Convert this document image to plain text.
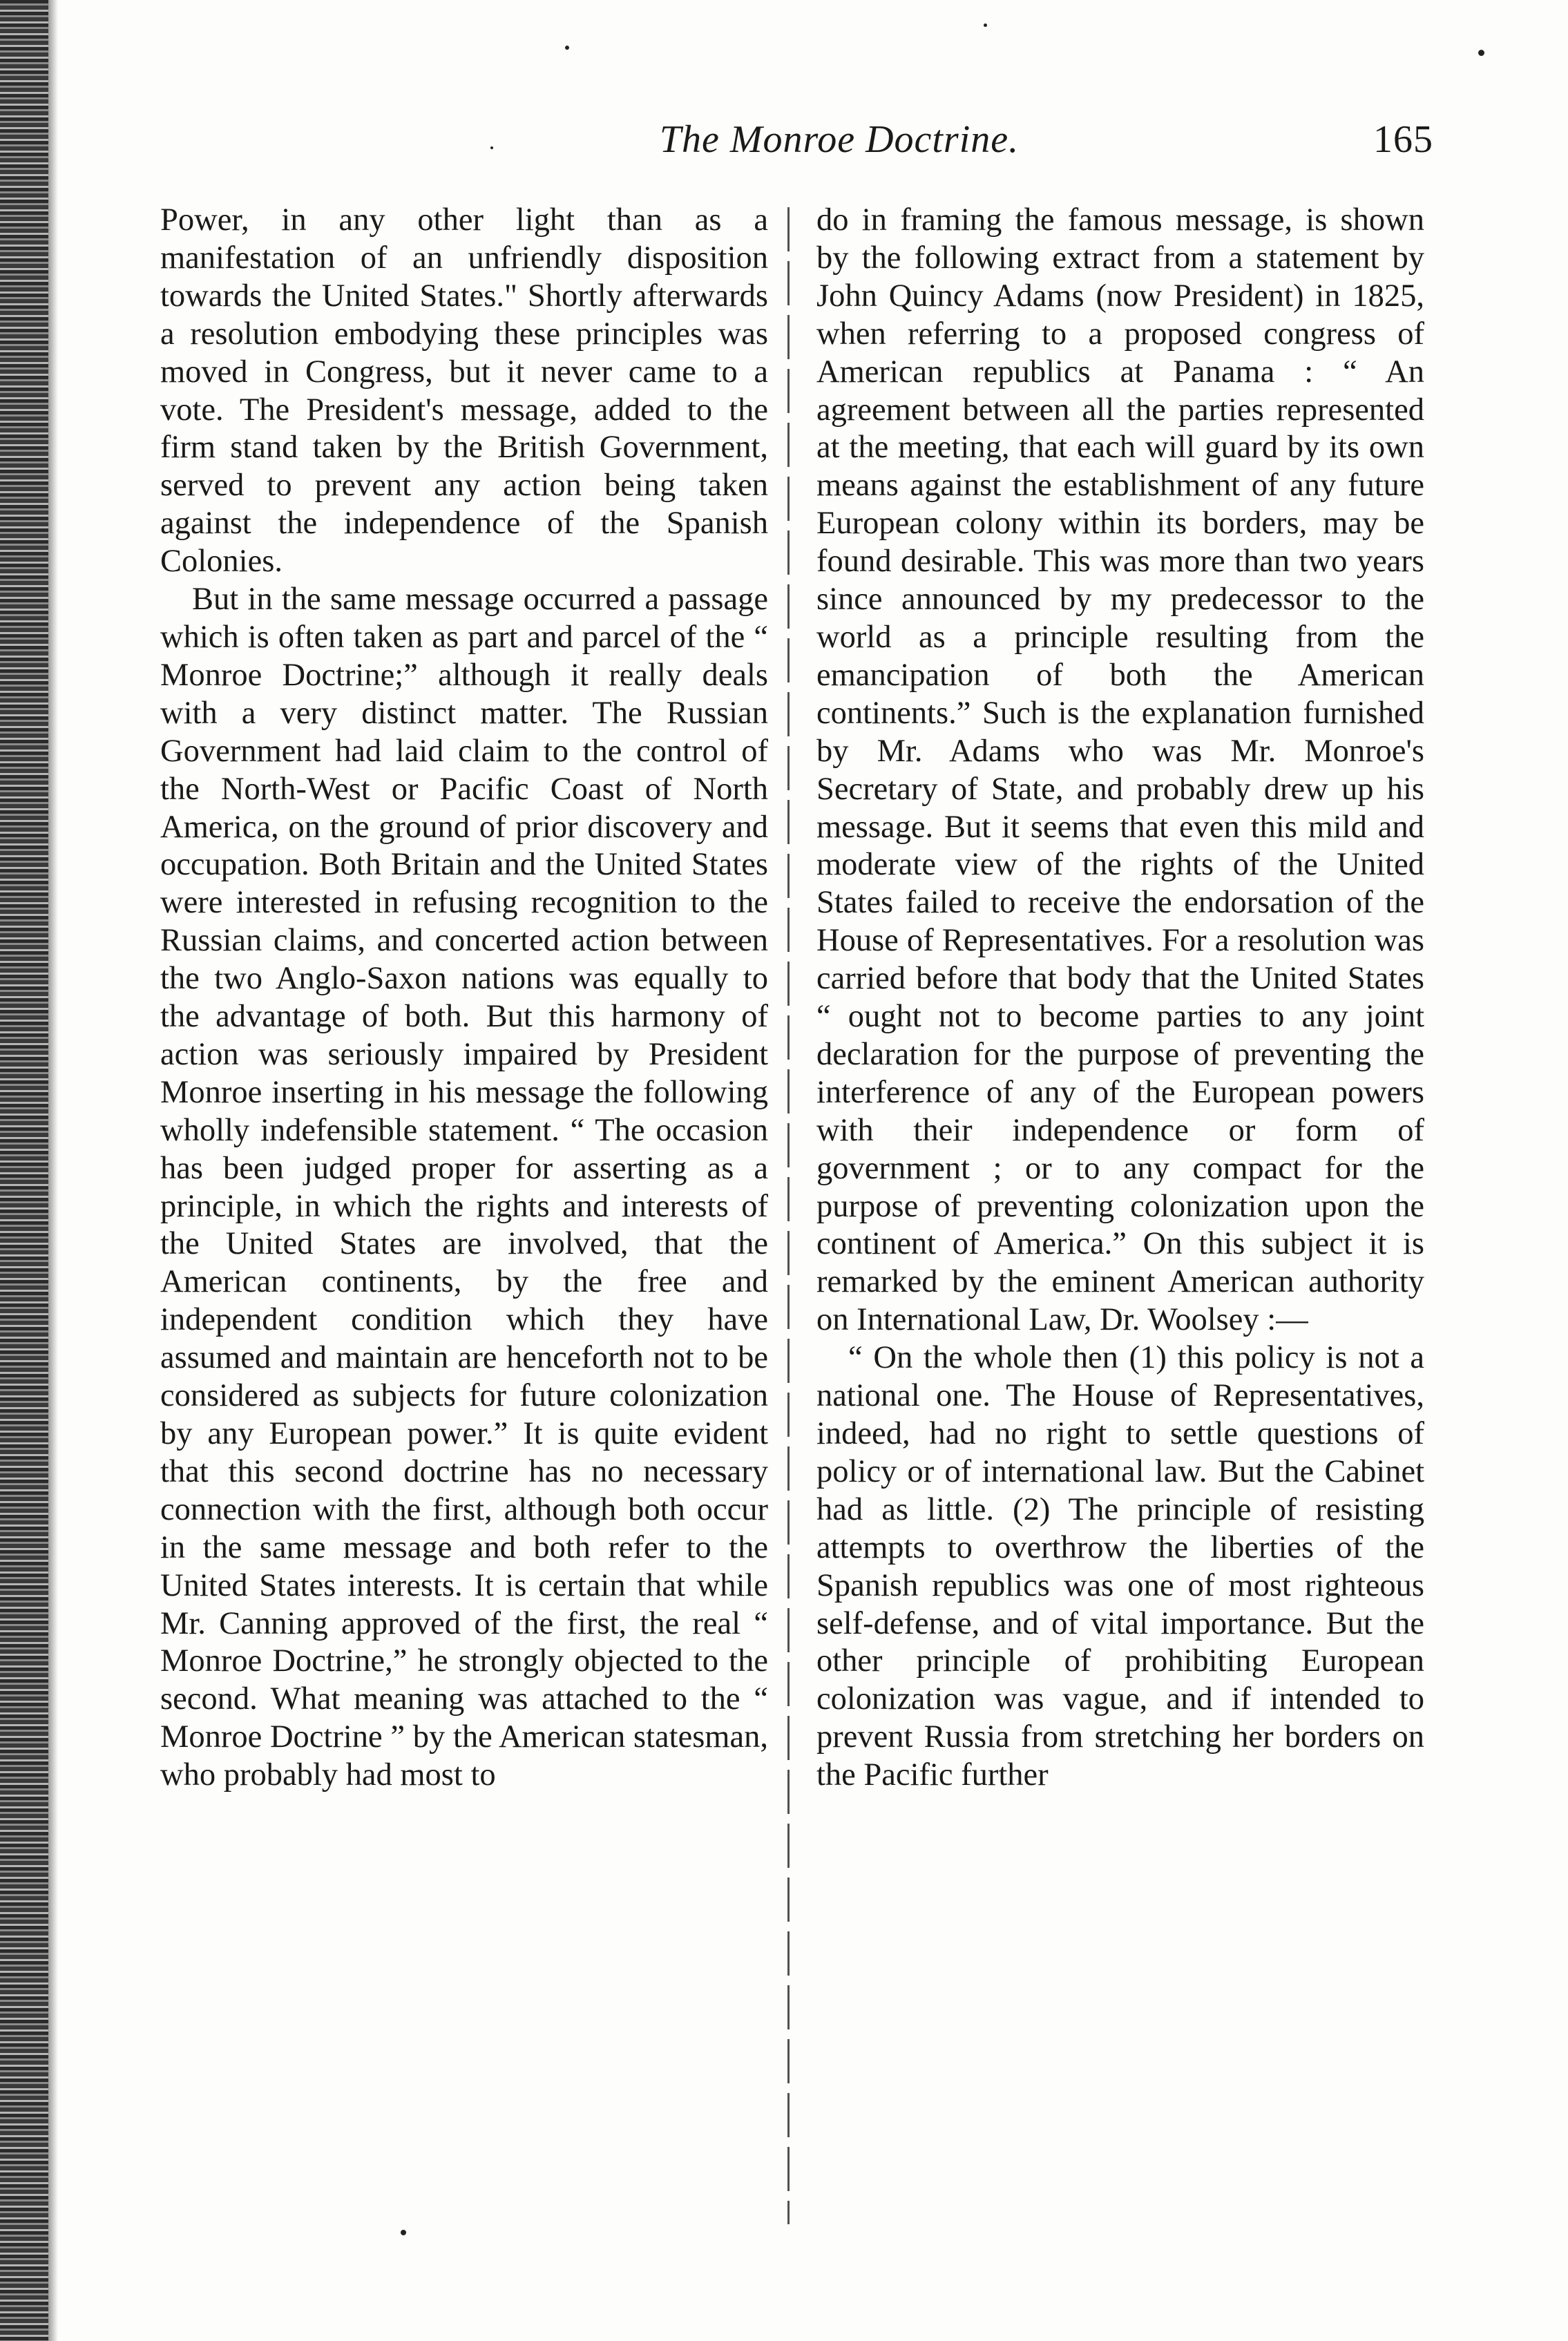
The Monroe Doctrine.	165

Power, in any other light than as a manifestation of an unfriendly disposition towards the United States." Shortly afterwards a resolution embodying these principles was moved in Congress, but it never came to a vote. The President's message, added to the firm stand taken by the British Government, served to prevent any action being taken against the independence of the Spanish Colonies.

But in the same message occurred a passage which is often taken as part and parcel of the “ Monroe Doctrine;” although it really deals with a very distinct matter. The Russian Government had laid claim to the control of the North-West or Pacific Coast of North America, on the ground of prior discovery and occupation. Both Britain and the United States were interested in refusing recognition to the Russian claims, and concerted action between the two Anglo-Saxon nations was equally to the advantage of both. But this harmony of action was seriously impaired by President Monroe inserting in his message the following wholly indefensible statement. “ The occasion has been judged proper for asserting as a principle, in which the rights and interests of the United States are involved, that the American continents, by the free and independent condition which they have assumed and maintain are henceforth not to be considered as subjects for future colonization by any European power.” It is quite evident that this second doctrine has no necessary connection with the first, although both occur in the same message and both refer to the United States interests. It is certain that while Mr. Canning approved of the first, the real “ Monroe Doctrine,” he strongly objected to the second. What meaning was attached to the “ Monroe Doctrine ” by the American statesman, who probably had most to

do in framing the famous message, is shown by the following extract from a statement by John Quincy Adams (now President) in 1825, when referring to a proposed congress of American republics at Panama : “ An agreement between all the parties represented at the meeting, that each will guard by its own means against the establishment of any future European colony within its borders, may be found desirable. This was more than two years since announced by my predecessor to the world as a principle resulting from the emancipation of both the American continents.” Such is the explanation furnished by Mr. Adams who was Mr. Monroe's Secretary of State, and probably drew up his message. But it seems that even this mild and moderate view of the rights of the United States failed to receive the endorsation of the House of Representatives. For a resolution was carried before that body that the United States “ ought not to become parties to any joint declaration for the purpose of preventing the interference of any of the European powers with their independence or form of government ; or to any compact for the purpose of preventing colonization upon the continent of America.” On this subject it is remarked by the eminent American authority on International Law, Dr. Woolsey :—

“ On the whole then (1) this policy is not a national one. The House of Representatives, indeed, had no right to settle questions of policy or of international law. But the Cabinet had as little. (2) The principle of resisting attempts to overthrow the liberties of the Spanish republics was one of most righteous self-defense, and of vital importance. But the other principle of prohibiting European colonization was vague, and if intended to prevent Russia from stretching her borders on the Pacific further
